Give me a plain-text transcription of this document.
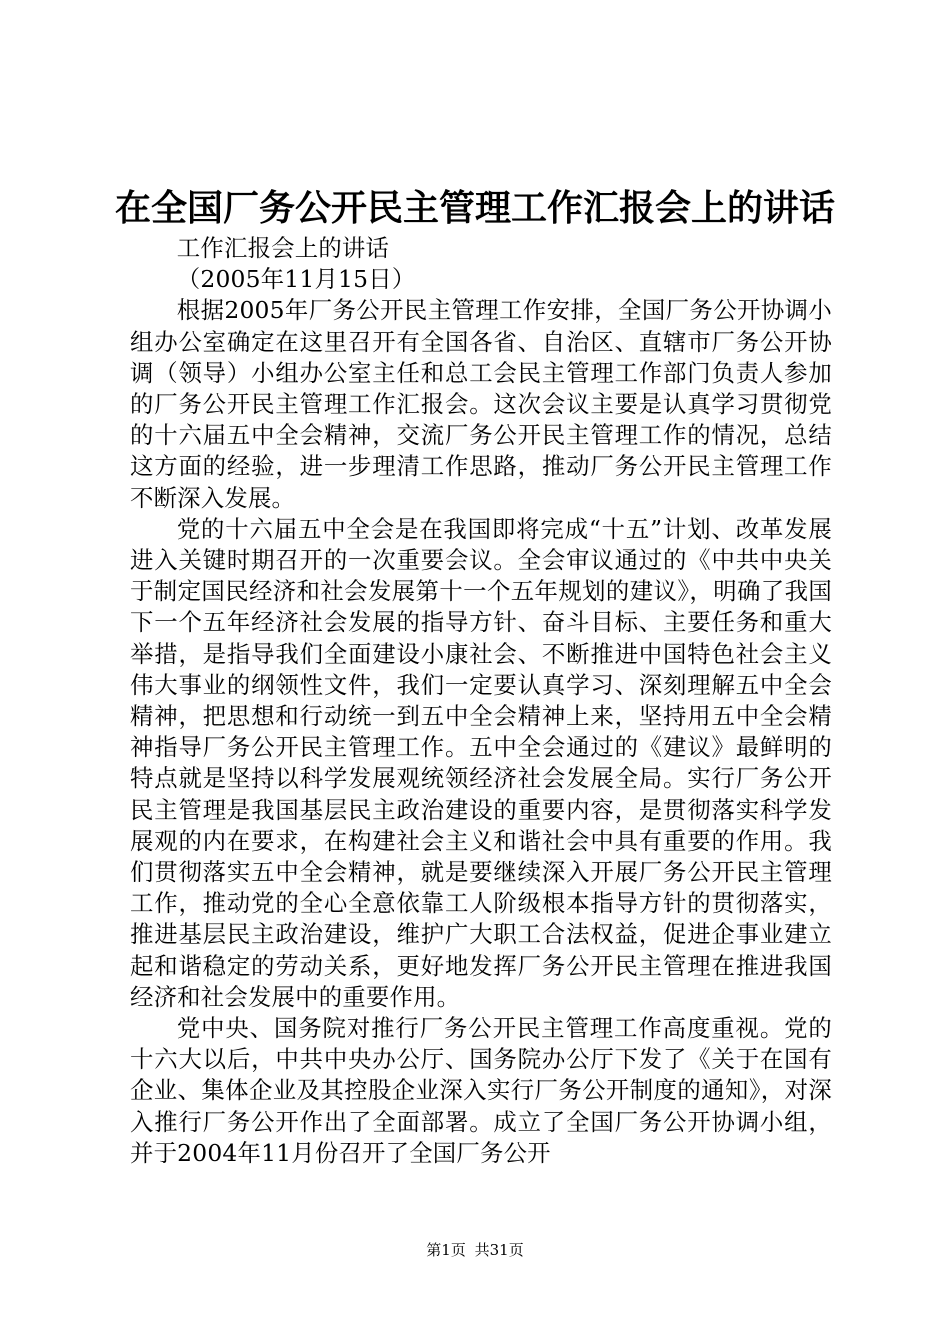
在全国厂务公开民主管理工作汇报会上的讲话

工作汇报会上的讲话

（2005年11月15日）

根据2005年厂务公开民主管理工作安排，全国厂务公开协调小组办公室确定在这里召开有全国各省、自治区、直辖市厂务公开协调（领导）小组办公室主任和总工会民主管理工作部门负责人参加的厂务公开民主管理工作汇报会。这次会议主要是认真学习贯彻党的十六届五中全会精神，交流厂务公开民主管理工作的情况，总结这方面的经验，进一步理清工作思路，推动厂务公开民主管理工作不断深入发展。

党的十六届五中全会是在我国即将完成“十五”计划、改革发展进入关键时期召开的一次重要会议。全会审议通过的《中共中央关于制定国民经济和社会发展第十一个五年规划的建议》，明确了我国下一个五年经济社会发展的指导方针、奋斗目标、主要任务和重大举措，是指导我们全面建设小康社会、不断推进中国特色社会主义伟大事业的纲领性文件，我们一定要认真学习、深刻理解五中全会精神，把思想和行动统一到五中全会精神上来，坚持用五中全会精神指导厂务公开民主管理工作。五中全会通过的《建议》最鲜明的特点就是坚持以科学发展观统领经济社会发展全局。实行厂务公开民主管理是我国基层民主政治建设的重要内容，是贯彻落实科学发展观的内在要求，在构建社会主义和谐社会中具有重要的作用。我们贯彻落实五中全会精神，就是要继续深入开展厂务公开民主管理工作，推动党的全心全意依靠工人阶级根本指导方针的贯彻落实，推进基层民主政治建设，维护广大职工合法权益，促进企事业建立起和谐稳定的劳动关系，更好地发挥厂务公开民主管理在推进我国经济和社会发展中的重要作用。

党中央、国务院对推行厂务公开民主管理工作高度重视。党的十六大以后，中共中央办公厅、国务院办公厅下发了《关于在国有企业、集体企业及其控股企业深入实行厂务公开制度的通知》，对深入推行厂务公开作出了全面部署。成立了全国厂务公开协调小组，并于2004年11月份召开了全国厂务公开

第1页 共31页
